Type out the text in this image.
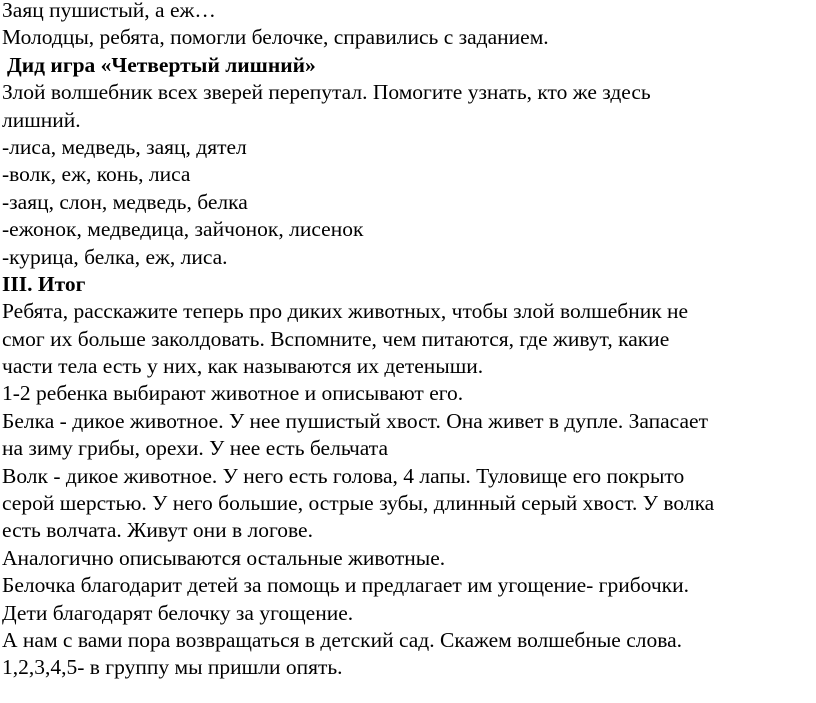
Заяц пушистый, а еж…
Молодцы, ребята, помогли белочке, справились с заданием.
Дид игра «Четвертый лишний»
Злой волшебник всех зверей перепутал. Помогите узнать, кто же здесь
лишний.
-лиса, медведь, заяц, дятел
-волк, еж, конь, лиса
-заяц, слон, медведь, белка
-ежонок, медведица, зайчонок, лисенок
-курица, белка, еж, лиса.
III. Итог
Ребята, расскажите теперь про диких животных, чтобы злой волшебник не
смог их больше заколдовать. Вспомните, чем питаются, где живут, какие
части тела есть у них, как называются их детеныши.
1-2 ребенка выбирают животное и описывают его.
Белка - дикое животное. У нее пушистый хвост. Она живет в дупле. Запасает
на зиму грибы, орехи. У нее есть бельчата
Волк - дикое животное. У него есть голова, 4 лапы. Туловище его покрыто
серой шерстью. У него большие, острые зубы, длинный серый хвост. У волка
есть волчата. Живут они в логове.
Аналогично описываются остальные животные.
Белочка благодарит детей за помощь и предлагает им угощение- грибочки.
Дети благодарят белочку за угощение.
А нам с вами пора возвращаться в детский сад. Скажем волшебные слова.
1,2,3,4,5- в группу мы пришли опять.
